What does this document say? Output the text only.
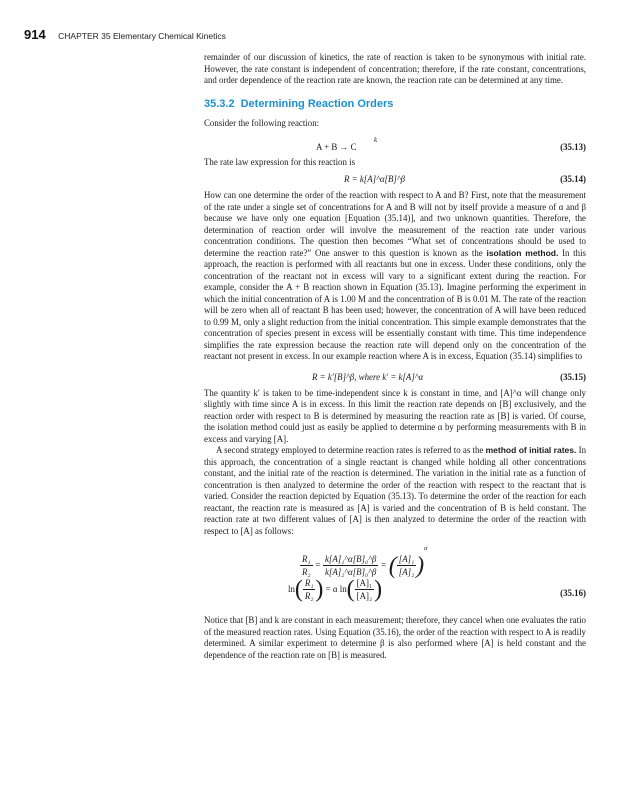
914 CHAPTER 35 Elementary Chemical Kinetics

remainder of our discussion of kinetics, the rate of reaction is taken to be synonymous with initial rate. However, the rate constant is independent of concentration; therefore, if the rate constant, concentrations, and order dependence of the reaction rate are known, the reaction rate can be determined at any time.

35.3.2 Determining Reaction Orders

Consider the following reaction:

A + B → C
k
(35.13)

The rate law expression for this reaction is

R = k[A]^α[B]^β	(35.14)

How can one determine the order of the reaction with respect to A and B? First, note that the measurement of the rate under a single set of concentrations for A and B will not by itself provide a measure of α and β because we have only one equation [Equation (35.14)], and two unknown quantities. Therefore, the determination of reaction order will involve the measurement of the reaction rate under various concentration conditions. The question then becomes “What set of concentrations should be used to determine the reaction rate?” One answer to this question is known as the isolation method. In this approach, the reaction is performed with all reactants but one in excess. Under these conditions, only the concentration of the reactant not in excess will vary to a significant extent during the reaction. For example, consider the A + B reaction shown in Equation (35.13). Imagine performing the experiment in which the initial concentration of A is 1.00 M and the concentration of B is 0.01 M. The rate of the reaction will be zero when all of reactant B has been used; however, the concentration of A will have been reduced to 0.99 M, only a slight reduction from the initial concentration. This simple example demonstrates that the concentration of species present in excess will be essentially constant with time. This time independence simplifies the rate expression because the reaction rate will depend only on the concentration of the reactant not present in excess. In our example reaction where A is in excess, Equation (35.14) simplifies to

R = k′[B]^β, where k′ = k[A]^α	(35.15)

The quantity k′ is taken to be time-independent since k is constant in time, and [A]^α will change only slightly with time since A is in excess. In this limit the reaction rate depends on [B] exclusively, and the reaction order with respect to B is determined by measuring the reaction rate as [B] is varied. Of course, the isolation method could just as easily be applied to determine α by performing measurements with B in excess and varying [A].

A second strategy employed to determine reaction rates is referred to as the method of initial rates. In this approach, the concentration of a single reactant is changed while holding all other concentrations constant, and the initial rate of the reaction is determined. The variation in the initial rate as a function of concentration is then analyzed to determine the order of the reaction with respect to the reactant that is varied. Consider the reaction depicted by Equation (35.13). To determine the order of the reaction for each reactant, the reaction rate is measured as [A] is varied and the concentration of B is held constant. The reaction rate at two different values of [A] is then analyzed to determine the order of the reaction with respect to [A] as follows:

$\frac{\text{R₁}}{\text{R₂}} = \frac{\text{k[A]₁\textasciicircum{}α[B]₀\textasciicircum{}β}}{\text{k[A]₂\textasciicircum{}α[B]₀\textasciicircum{}β}}$ = ( $\frac{\text{[A]₁}}{\text{[A]₂}} )^\alpha$
$\ln( \frac{\text{R₁}}{\text{R₂}}$ ) = α $\ln( \frac{\text{[A]₁}}{\text{[A]₂}}$ )	(35.16)

Notice that [B] and k are constant in each measurement; therefore, they cancel when one evaluates the ratio of the measured reaction rates. Using Equation (35.16), the order of the reaction with respect to A is readily determined. A similar experiment to determine β is also performed where [A] is held constant and the dependence of the reaction rate on [B] is measured.
